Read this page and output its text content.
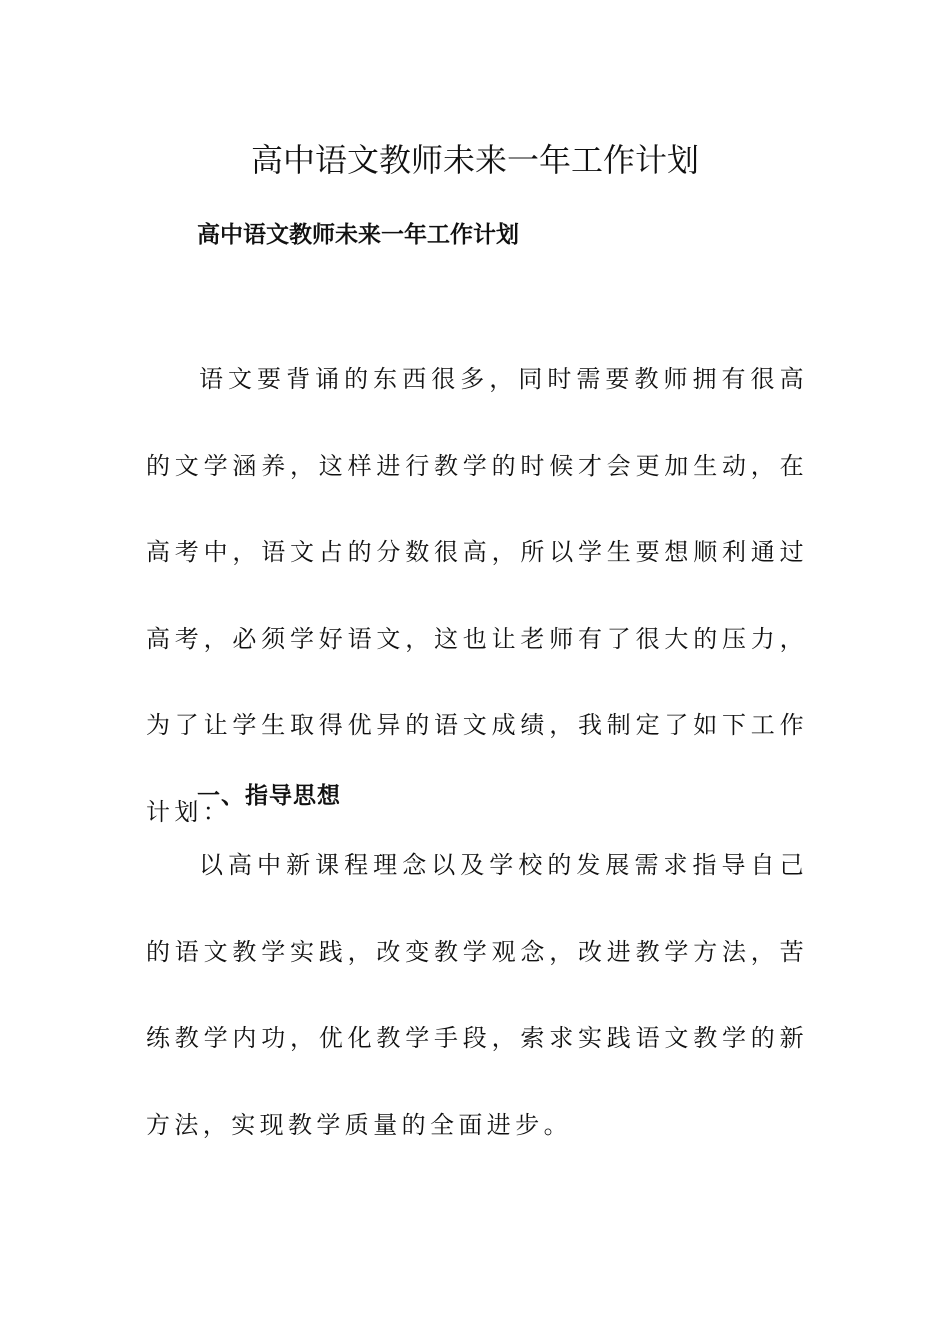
高中语文教师未来一年工作计划
高中语文教师未来一年工作计划

语文要背诵的东西很多，同时需要教师拥有很高的文学涵养，这样进行教学的时候才会更加生动，在高考中，语文占的分数很高，所以学生要想顺利通过高考，必须学好语文，这也让老师有了很大的压力，为了让学生取得优异的语文成绩，我制定了如下工作计划：

一、指导思想

以高中新课程理念以及学校的发展需求指导自己的语文教学实践，改变教学观念，改进教学方法，苦练教学内功，优化教学手段，索求实践语文教学的新方法，实现教学质量的全面进步。
